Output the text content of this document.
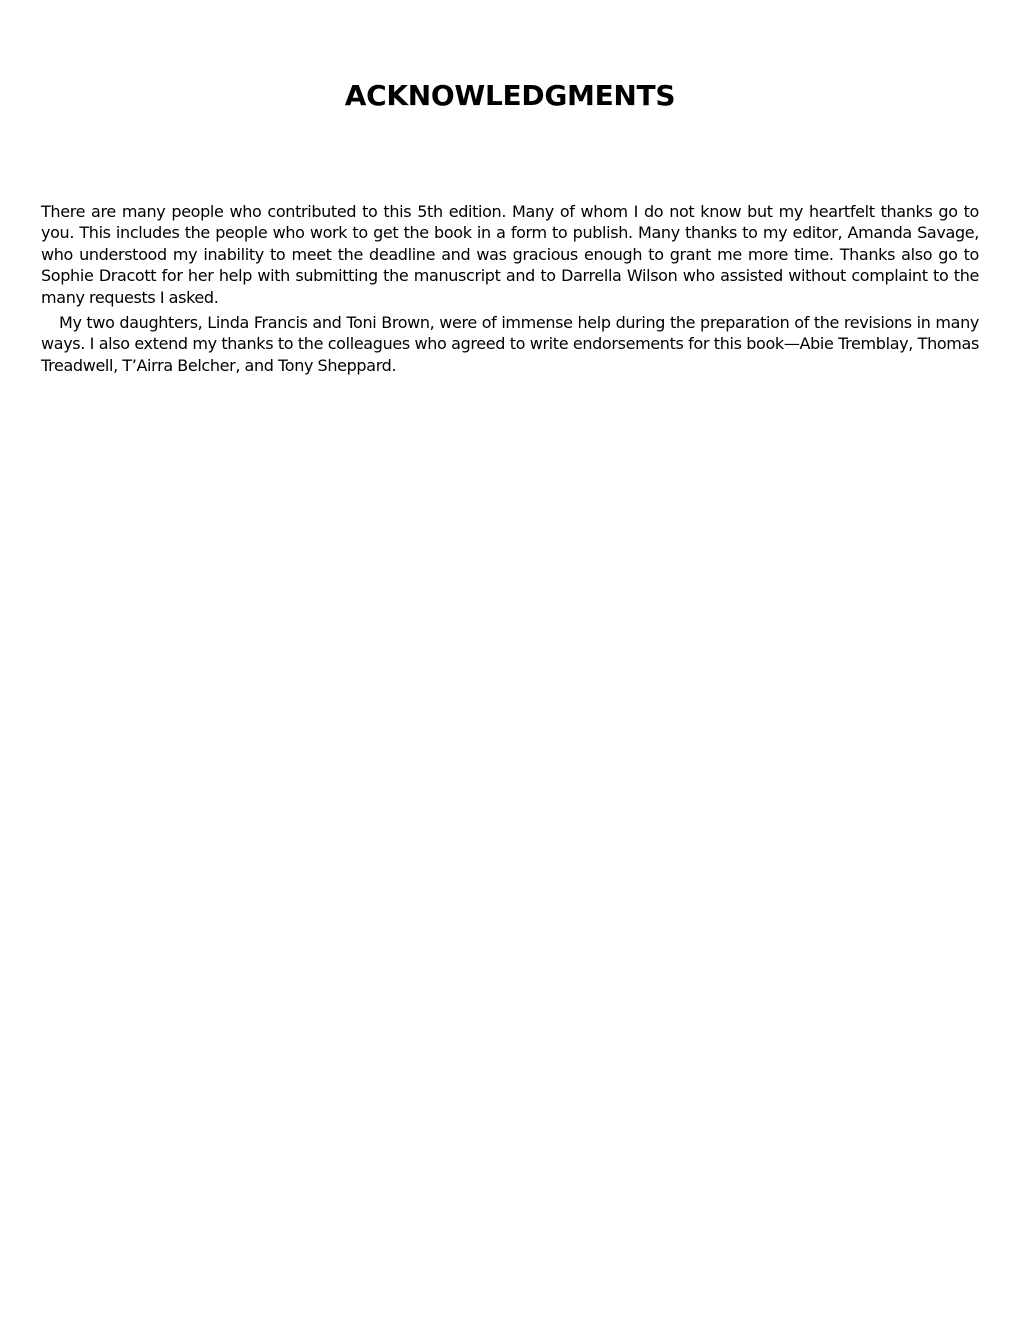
ACKNOWLEDGMENTS

There are many people who contributed to this 5th edition. Many of whom I do not know but my heartfelt thanks go to you. This includes the people who work to get the book in a form to publish. Many thanks to my editor, Amanda Savage, who understood my inability to meet the deadline and was gracious enough to grant me more time. Thanks also go to Sophie Dracott for her help with submitting the manuscript and to Darrella Wilson who assisted without complaint to the many requests I asked.

My two daughters, Linda Francis and Toni Brown, were of immense help during the preparation of the revisions in many ways. I also extend my thanks to the colleagues who agreed to write endorsements for this book—Abie Tremblay, Thomas Treadwell, T’Airra Belcher, and Tony Sheppard.
